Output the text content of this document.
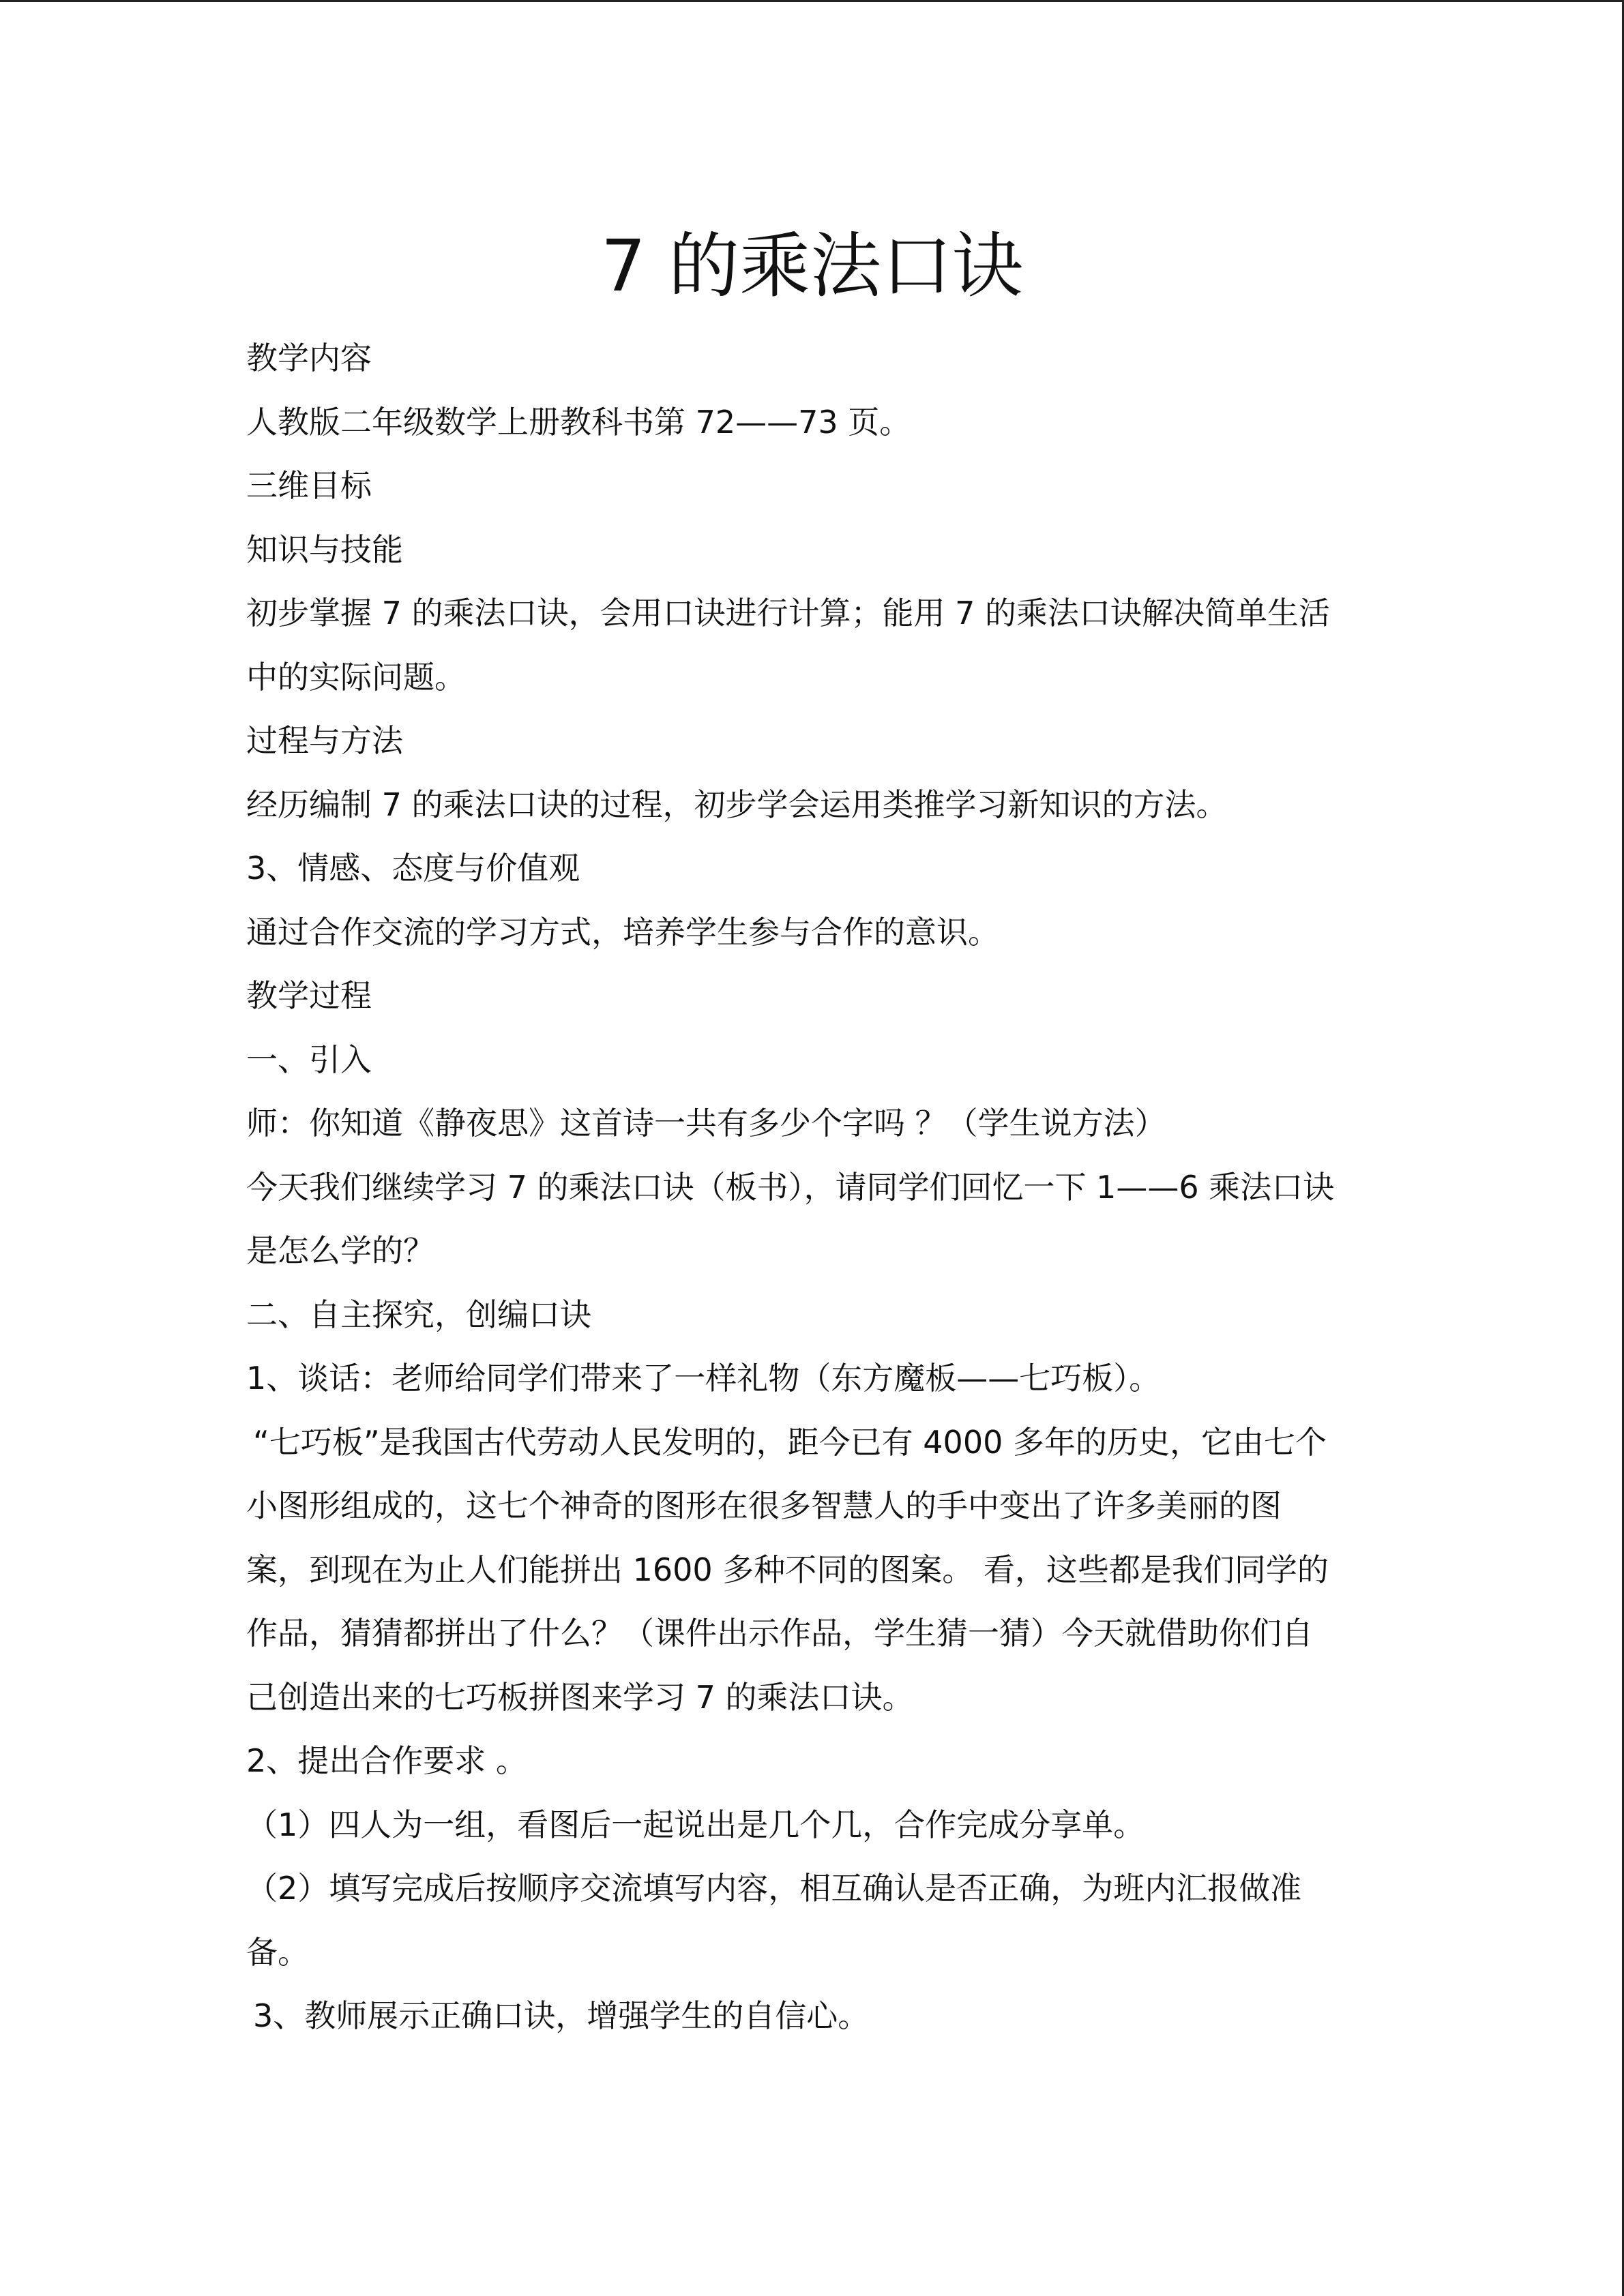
7 的乘法口诀

教学内容

人教版二年级数学上册教科书第 72——73 页。

三维目标

知识与技能

初步掌握 7 的乘法口诀，会用口诀进行计算；能用 7 的乘法口诀解决简单生活

中的实际问题。

过程与方法

经历编制 7 的乘法口诀的过程，初步学会运用类推学习新知识的方法。

3、情感、态度与价值观

通过合作交流的学习方式，培养学生参与合作的意识。

教学过程

一、引入

师：你知道《静夜思》这首诗一共有多少个字吗 ？（学生说方法）

今天我们继续学习 7 的乘法口诀（板书），请同学们回忆一下 1——6 乘法口诀

是怎么学的？

二、自主探究，创编口诀

1、谈话：老师给同学们带来了一样礼物（东方魔板——七巧板）。

“七巧板”是我国古代劳动人民发明的，距今已有 4000 多年的历史，它由七个

小图形组成的，这七个神奇的图形在很多智慧人的手中变出了许多美丽的图

案，到现在为止人们能拼出 1600 多种不同的图案。 看，这些都是我们同学的

作品，猜猜都拼出了什么？（课件出示作品，学生猜一猜）今天就借助你们自

己创造出来的七巧板拼图来学习 7 的乘法口诀。

2、提出合作要求 。

（1）四人为一组，看图后一起说出是几个几，合作完成分享单。

（2）填写完成后按顺序交流填写内容，相互确认是否正确，为班内汇报做准

备。

3、教师展示正确口诀，增强学生的自信心。
